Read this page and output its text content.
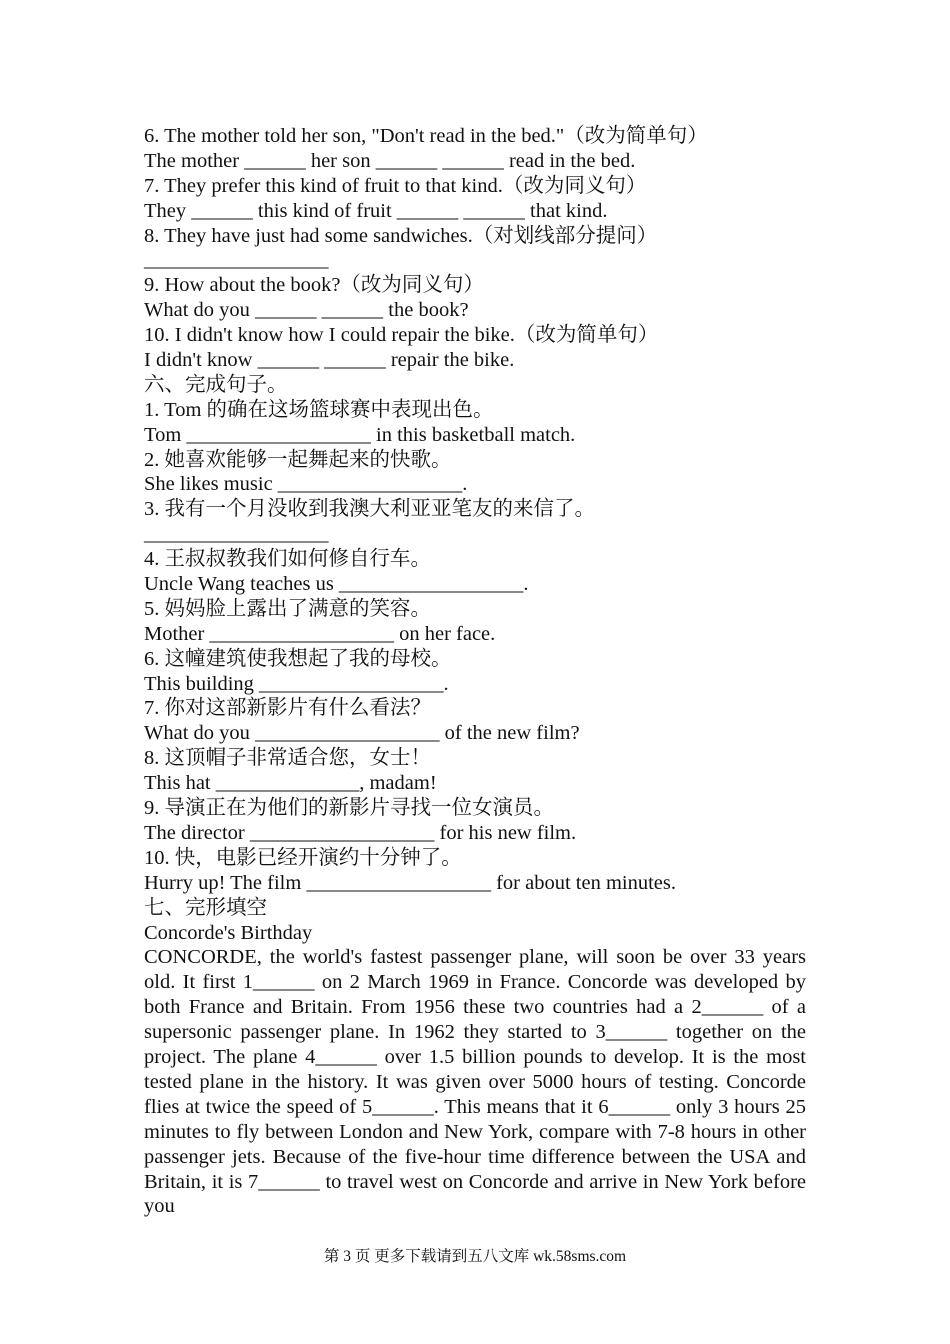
6. The mother told her son, "Don't read in the bed."（改为简单句）
The mother ______ her son ______ ______ read in the bed.
7. They prefer this kind of fruit to that kind.（改为同义句）
They ______ this kind of fruit ______ ______ that kind.
8. They have just had some sandwiches.（对划线部分提问）
__________________
9. How about the book?（改为同义句）
What do you ______ ______ the book?
10. I didn't know how I could repair the bike.（改为简单句）
I didn't know ______ ______ repair the bike.
六、完成句子。
1. Tom 的确在这场篮球赛中表现出色。
Tom __________________ in this basketball match.
2. 她喜欢能够一起舞起来的快歌。
She likes music __________________.
3. 我有一个月没收到我澳大利亚亚笔友的来信了。
__________________
4. 王叔叔教我们如何修自行车。
Uncle Wang teaches us __________________.
5. 妈妈脸上露出了满意的笑容。
Mother __________________ on her face.
6. 这幢建筑使我想起了我的母校。
This building __________________.
7. 你对这部新影片有什么看法？
What do you __________________ of the new film?
8. 这顶帽子非常适合您，女士！
This hat ______________, madam!
9. 导演正在为他们的新影片寻找一位女演员。
The director __________________ for his new film.
10. 快，电影已经开演约十分钟了。
Hurry up! The film __________________ for about ten minutes.
七、完形填空
Concorde's Birthday
CONCORDE, the world's fastest passenger plane, will soon be over 33 years old. It first 1______ on 2 March 1969 in France. Concorde was developed by both France and Britain. From 1956 these two countries had a 2______ of a supersonic passenger plane. In 1962 they started to 3______ together on the project. The plane 4______ over 1.5 billion pounds to develop. It is the most tested plane in the history. It was given over 5000 hours of testing. Concorde flies at twice the speed of 5______. This means that it 6______ only 3 hours 25 minutes to fly between London and New York, compare with 7-8 hours in other passenger jets. Because of the five-hour time difference between the USA and Britain, it is 7______ to travel west on Concorde and arrive in New York before you
第 3 页 更多下载请到五八文库 wk.58sms.com
